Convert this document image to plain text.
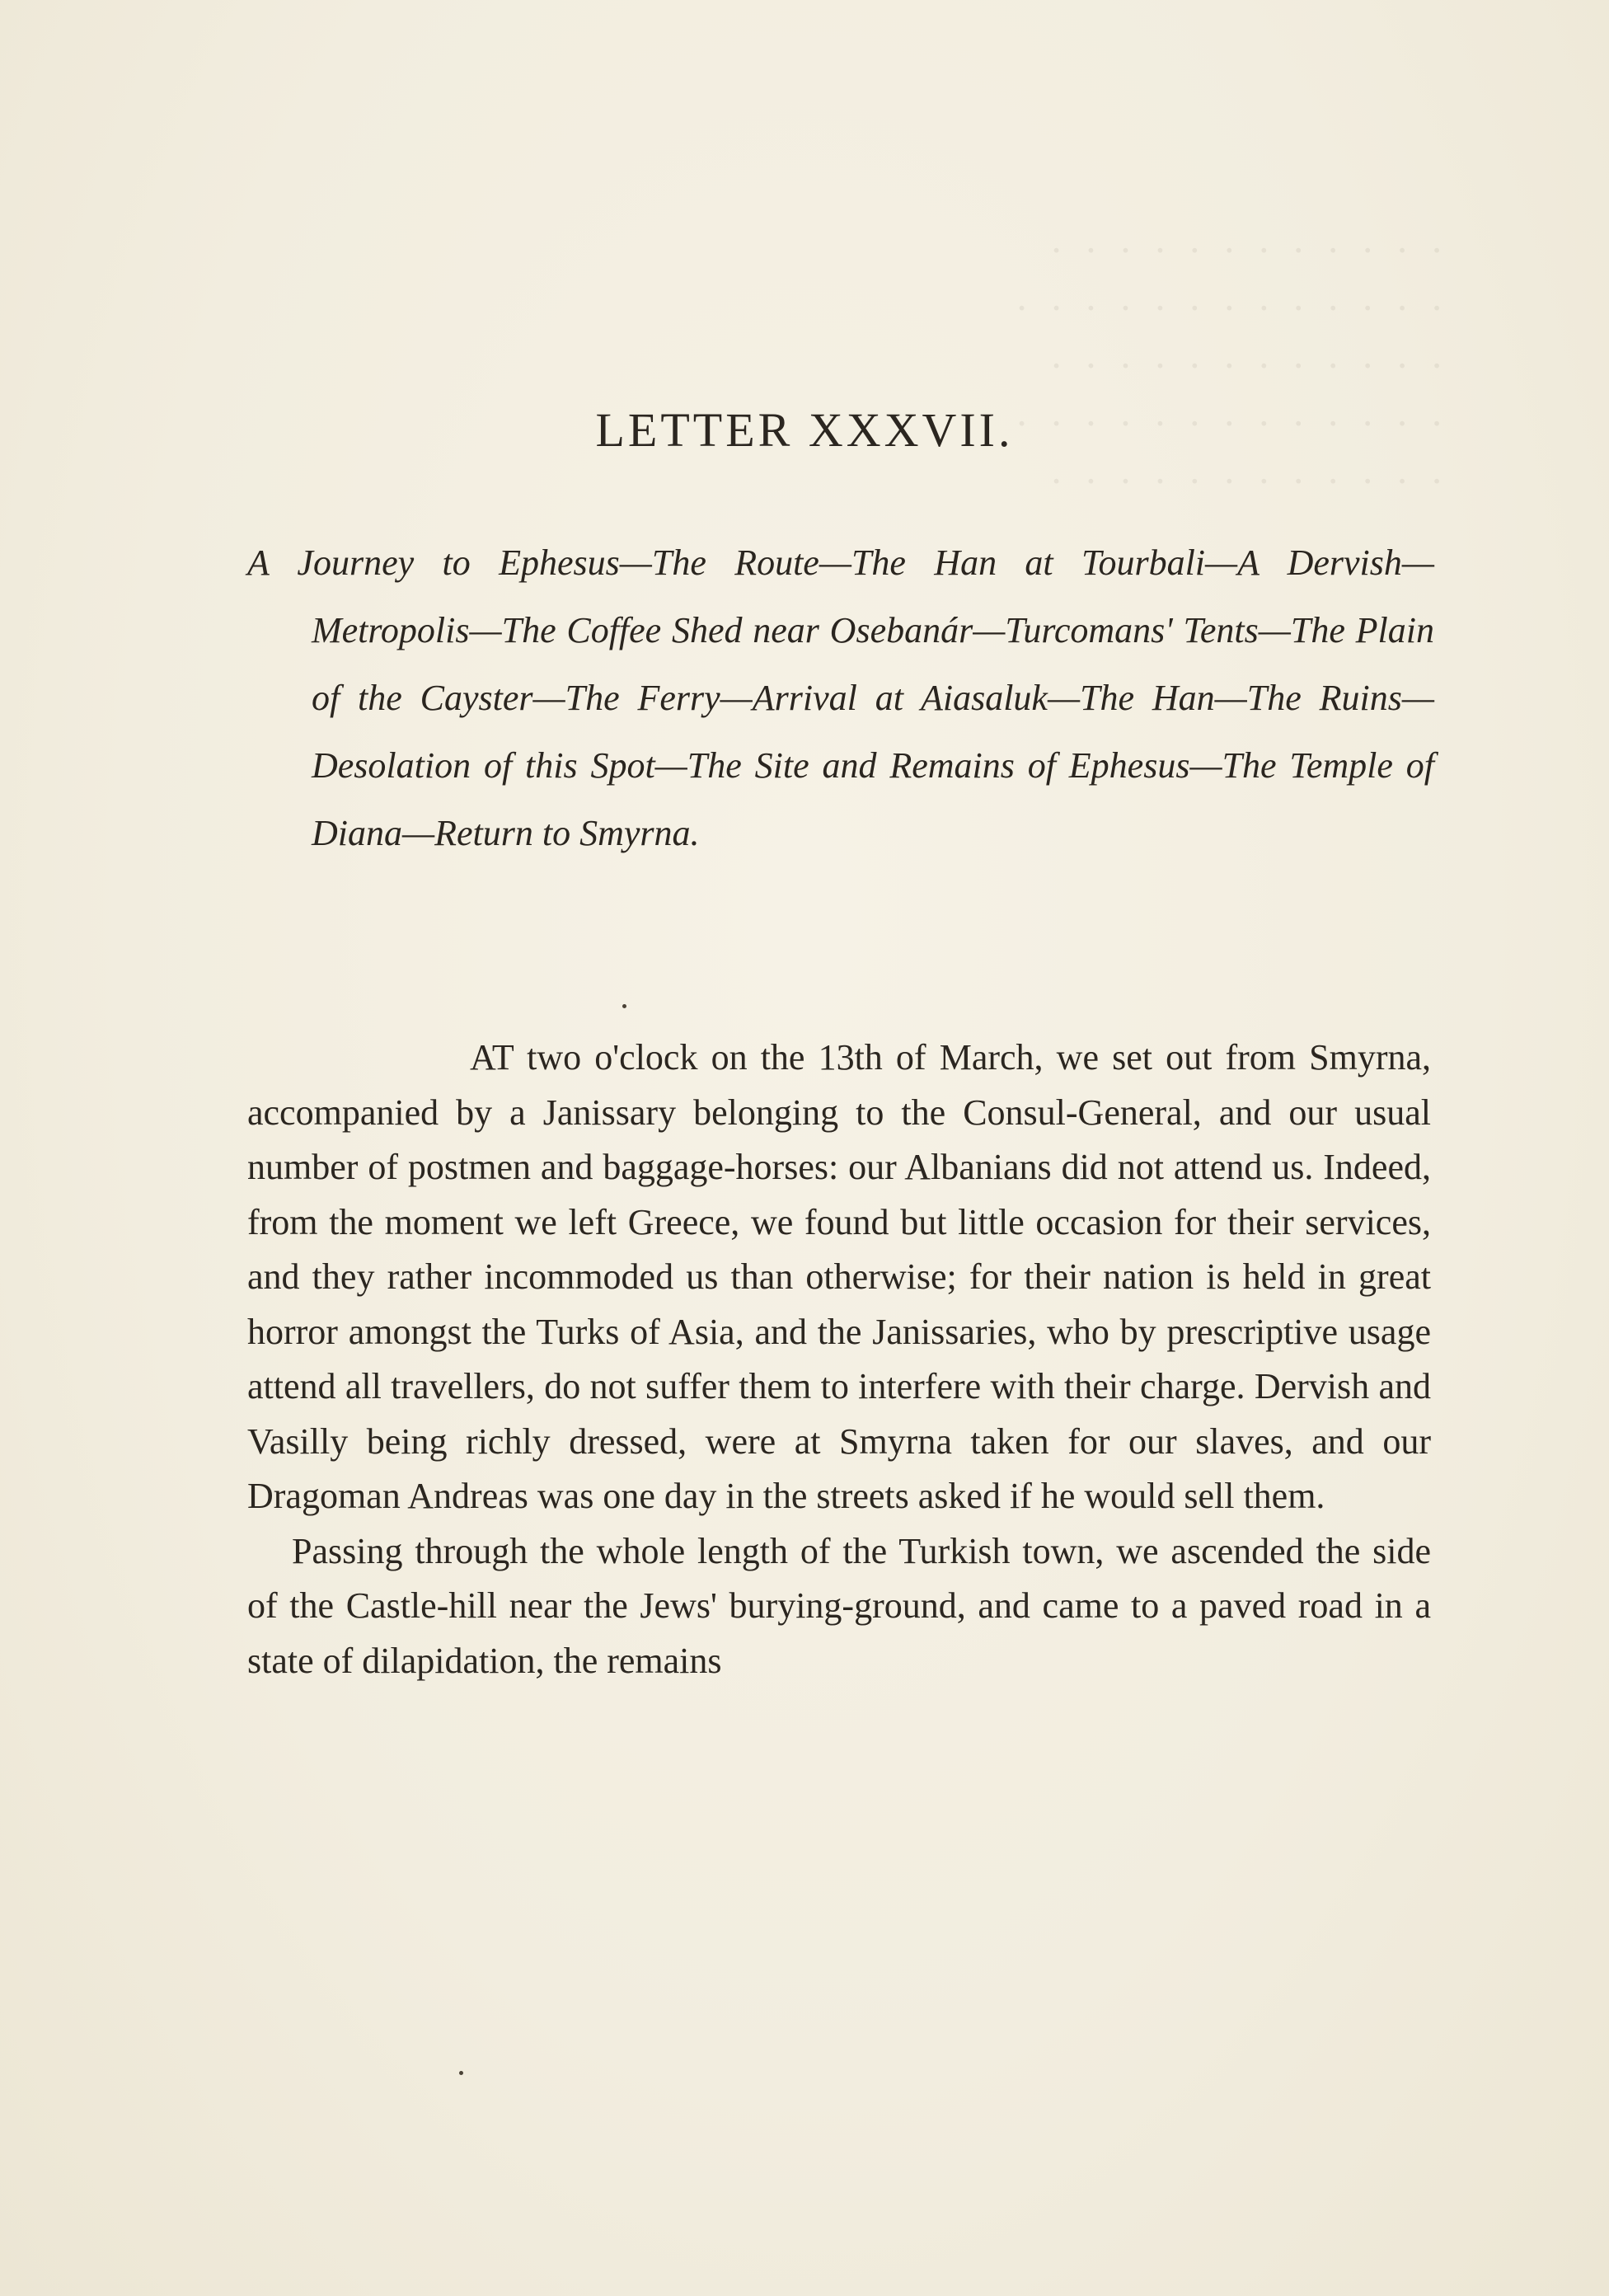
·  ·  ·  ·  ·  ·  ·  ·  ·  ·  ·  ·
·  ·  ·  ·  ·  ·  ·  ·  ·  ·  ·  ·  ·
·  ·  ·  ·  ·  ·  ·  ·  ·  ·  ·  ·
·  ·  ·  ·  ·  ·  ·  ·  ·  ·  ·  ·  ·
·  ·  ·  ·  ·  ·  ·  ·  ·  ·  ·  ·
LETTER XXXVII.

A Journey to Ephesus—The Route—The Han at Tourbali—A Dervish—Metropolis—The Coffee Shed near Osebanár—Turcomans' Tents—The Plain of the Cayster—The Ferry—Arrival at Aiasaluk—The Han—The Ruins—Desolation of this Spot—The Site and Remains of Ephesus—The Temple of Diana—Return to Smyrna.

AT two o'clock on the 13th of March, we set out from Smyrna, accompanied by a Janissary belonging to the Consul-General, and our usual number of postmen and baggage-horses: our Albanians did not attend us. Indeed, from the moment we left Greece, we found but little occasion for their services, and they rather incommoded us than otherwise; for their nation is held in great horror amongst the Turks of Asia, and the Janissaries, who by prescriptive usage attend all travellers, do not suffer them to interfere with their charge. Dervish and Vasilly being richly dressed, were at Smyrna taken for our slaves, and our Dragoman Andreas was one day in the streets asked if he would sell them.

Passing through the whole length of the Turkish town, we ascended the side of the Castle-hill near the Jews' burying-ground, and came to a paved road in a state of dilapidation, the remains
